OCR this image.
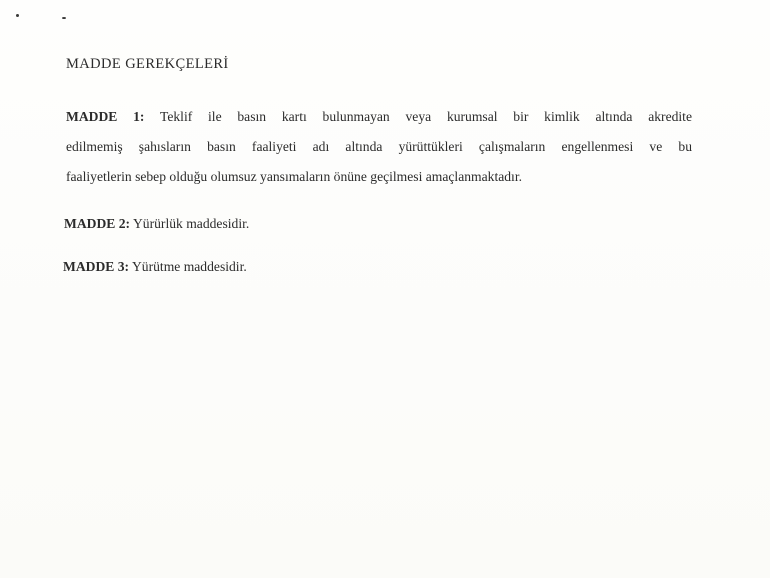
MADDE GEREKÇELERİ

MADDE 1: Teklif ile basın kartı bulunmayan veya kurumsal bir kimlik altında akredite
edilmemiş şahısların basın faaliyeti adı altında yürüttükleri çalışmaların engellenmesi ve bu
faaliyetlerin sebep olduğu olumsuz yansımaların önüne geçilmesi amaçlanmaktadır.

MADDE 2: Yürürlük maddesidir.

MADDE 3: Yürütme maddesidir.
